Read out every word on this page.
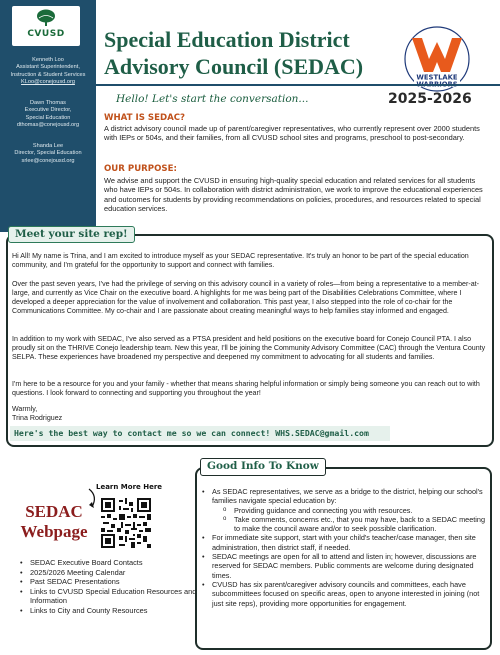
CVUSD
Kenneth Loo
Assistant Superintendent,
Instruction & Student Services
KLoo@conejousd.org
Dawn Thomas
Executive Director,
Special Education
dthomas@conejousd.org
Shanda Lee
Director, Special Education
srlee@conejousd.org
Special Education District
Advisory Council (SEDAC)	WESTLAKE
Hello! Let's start the conversation...	2025-2026
WHAT IS SEDAC?
A district advisory council made up of parent/caregiver representatives, who currently represent over 2000 students with IEPs or 504s, and their families, from all CVUSD school sites and programs, preschool to post-secondary.
OUR PURPOSE:
We advise and support the CVUSD in ensuring high-quality special education and related services for all students who have IEPs or 504s. In collaboration with district administration, we work to improve the educational experiences and outcomes for students by providing recommendations on policies, procedures, and resources related to special education services.
Meet your site rep!
Hi All! My name is Trina, and I am excited to introduce myself as your SEDAC representative. It's truly an honor to be part of the special education community, and I'm grateful for the opportunity to support and connect with families.
Over the past seven years, I've had the privilege of serving on this advisory council in a variety of roles—from being a representative to a member-at-large, and currently as Vice Chair on the executive board. A highlights for me was being part of the Disabilities Celebrations Committee, where I developed a deeper appreciation for the value of involvement and collaboration. This past year, I also stepped into the role of co-chair for the Communications Committee. My co-chair and I are passionate about creating meaningful ways to help families stay informed and engaged.
In addition to my work with SEDAC, I've also served as a PTSA president and held positions on the executive board for Conejo Council PTA. I also proudly sit on the THRIVE Conejo leadership team. New this year, I'll be joining the Community Advisory Committee (CAC) through the Ventura County SELPA. These experiences have broadened my perspective and deepened my commitment to advocating for all students and families.
I'm here to be a resource for you and your family - whether that means sharing helpful information or simply being someone you can reach out to with questions. I look forward to connecting and supporting you throughout the year!
Warmly,
Trina Rodriguez
Here's the best way to contact me so we can connect! WHS.SEDAC@gmail.com
SEDAC
Webpage
Learn More Here
• SEDAC Executive Board Contacts
• 2025/2026 Meeting Calendar
• Past SEDAC Presentations
• Links to CVUSD Special Education Resources and Information
• Links to City and County Resources
Good Info To Know
• As SEDAC representatives, we serve as a bridge to the district, helping our school's families navigate special education by:
o Providing guidance and connecting you with resources.
o Take comments, concerns etc., that you may have, back to a SEDAC meeting to make the council aware and/or to seek possible clarification.
• For immediate site support, start with your child's teacher/case manager, then site administration, then district staff, if needed.
• SEDAC meetings are open for all to attend and listen in; however, discussions are reserved for SEDAC members. Public comments are welcome during designated times.
• CVUSD has six parent/caregiver advisory councils and committees, each have subcommittees focused on specific areas, open to anyone interested in joining (not just site reps), providing more opportunities for engagement.
